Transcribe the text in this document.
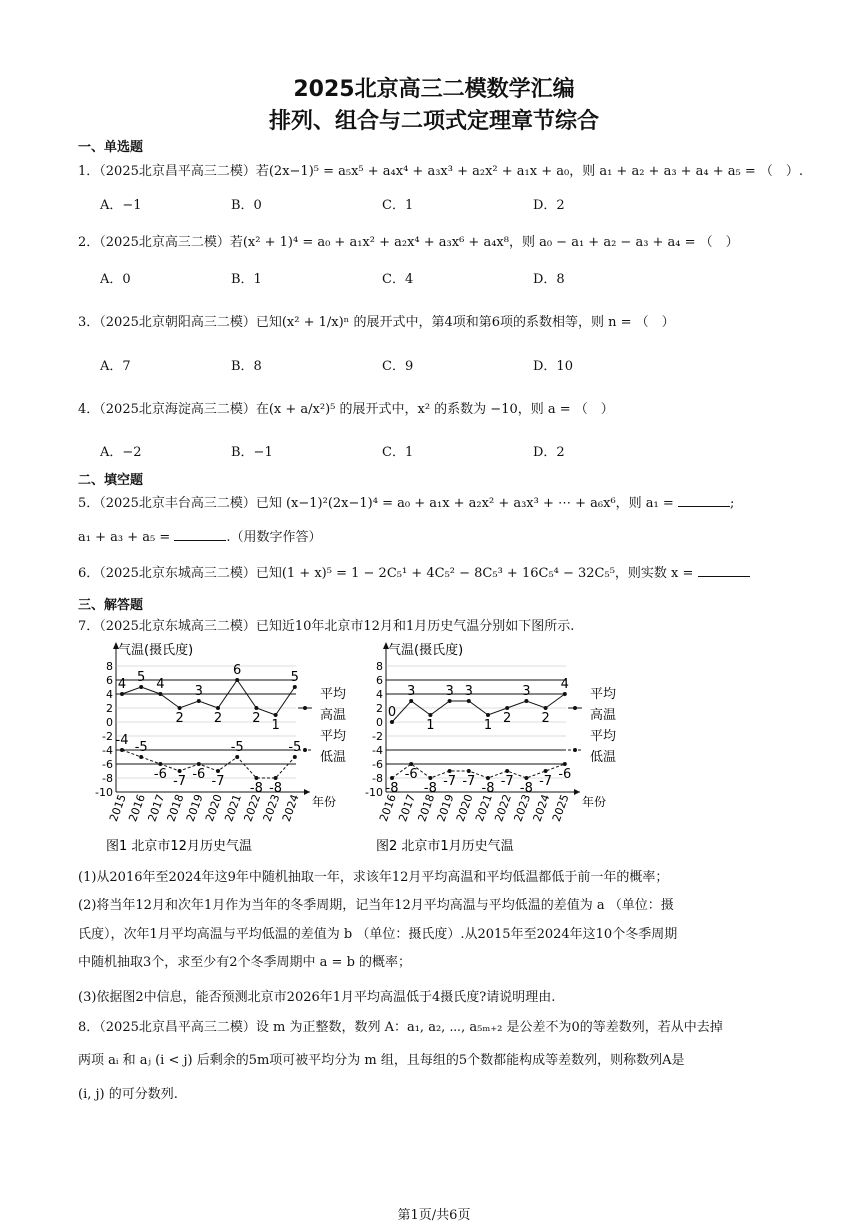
2025北京高三二模数学汇编
排列、组合与二项式定理章节综合
一、单选题
1．（2025北京昌平高三二模）若(2x−1)⁵ = a₅x⁵ + a₄x⁴ + a₃x³ + a₂x² + a₁x + a₀，则 a₁ + a₂ + a₃ + a₄ + a₅ = （　）.
A．−1	B．0	C．1	D．2
2．（2025北京高三二模）若(x² + 1)⁴ = a₀ + a₁x² + a₂x⁴ + a₃x⁶ + a₄x⁸，则 a₀ − a₁ + a₂ − a₃ + a₄ = （　）
A．0	B．1	C．4	D．8
3．（2025北京朝阳高三二模）已知(x² + 1/x)ⁿ 的展开式中，第4项和第6项的系数相等，则 n = （　）
A．7	B．8	C．9	D．10
4．（2025北京海淀高三二模）在(x + a/x²)⁵ 的展开式中，x² 的系数为 −10，则 a = （　）
A．−2	B．−1	C．1	D．2
二、填空题
5．（2025北京丰台高三二模）已知 (x−1)²(2x−1)⁴ = a₀ + a₁x + a₂x² + a₃x³ + ⋯ + a₆x⁶，则 a₁ =	;
a₁ + a₃ + a₅ =	.（用数字作答）
6．（2025北京东城高三二模）已知(1 + x)⁵ = 1 − 2C₅¹ + 4C₅² − 8C₅³ + 16C₅⁴ − 32C₅⁵，则实数 x =
三、解答题
7．（2025北京东城高三二模）已知近10年北京市12月和1月历史气温分别如下图所示.
气温(摄氏度)
年份
8
6
4
2
0
-2
-4
-6
-8
-10
2015
2016
2017
2018
2019
2020
2021
2022
2023
2024
4 5 4
2
3
2
6
2 1
5
-4 -5
-6 -7 -6 -7
-5
-8 -8
-5
平均
高温
平均
低温
图1 北京市12月历史气温
气温(摄氏度)
年份
8
6
4
2
0
-2
-4
-6
-8
-10
2016
2017
2018
2019
2020
2021
2022
2023
2024
2025
0
3
1
3 3
1 2
3
2
4
-8
-6
-8 -7 -7 -8 -7 -8 -7 -6
平均
高温
平均
低温
图2 北京市1月历史气温
(1)从2016年至2024年这9年中随机抽取一年，求该年12月平均高温和平均低温都低于前一年的概率；
(2)将当年12月和次年1月作为当年的冬季周期，记当年12月平均高温与平均低温的差值为 a （单位：摄
氏度），次年1月平均高温与平均低温的差值为 b （单位：摄氏度）.从2015年至2024年这10个冬季周期
中随机抽取3个，求至少有2个冬季周期中 a = b 的概率；
(3)依据图2中信息，能否预测北京市2026年1月平均高温低于4摄氏度?请说明理由.
8．（2025北京昌平高三二模）设 m 为正整数，数列 A：a₁, a₂, ⋯, a₅ₘ₊₂ 是公差不为0的等差数列，若从中去掉
两项 aᵢ 和 aⱼ (i < j) 后剩余的5m项可被平均分为 m 组，且每组的5个数都能构成等差数列，则称数列A是
(i, j) 的可分数列.
第1页/共6页
